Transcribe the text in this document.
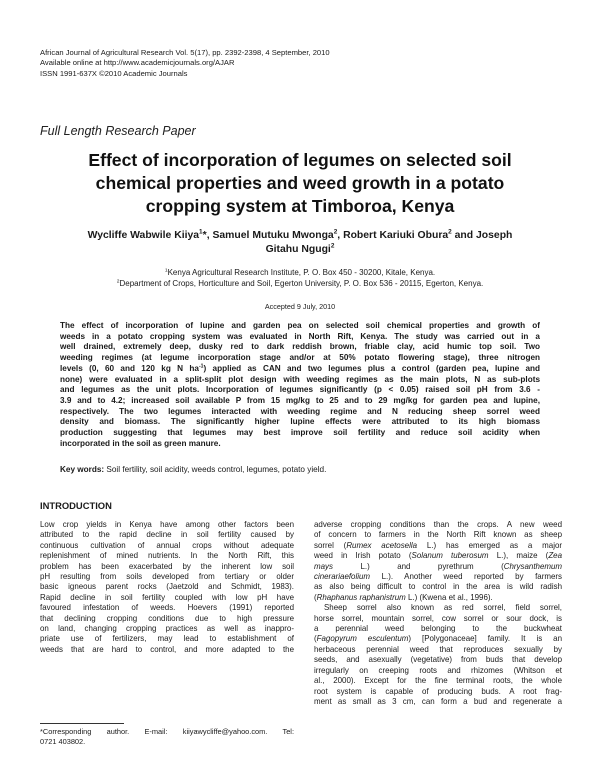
African Journal of Agricultural Research Vol. 5(17), pp. 2392-2398, 4 September, 2010
Available online at http://www.academicjournals.org/AJAR
ISSN 1991-637X ©2010 Academic Journals
Full Length Research Paper
Effect of incorporation of legumes on selected soil
chemical properties and weed growth in a potato
cropping system at Timboroa, Kenya
Wycliffe Wabwile Kiiya$^1$*, Samuel Mutuku Mwonga$^2$, Robert Kariuki Obura$^2$ and Joseph
Gitahu Ngugi$^2$
$^1$Kenya Agricultural Research Institute, P. O. Box 450 - 30200, Kitale, Kenya.
$^2$Department of Crops, Horticulture and Soil, Egerton University, P. O. Box 536 - 20115, Egerton, Kenya.
Accepted 9 July, 2010
The effect of incorporation of lupine and garden pea on selected soil chemical properties and growth of
weeds in a potato cropping system was evaluated in North Rift, Kenya. The study was carried out in a
well drained, extremely deep, dusky red to dark reddish brown, friable clay, acid humic top soil. Two
weeding regimes (at legume incorporation stage and/or at 50% potato flowering stage), three nitrogen
levels (0, 60 and 120 kg N $ha^{-1}$) applied as CAN and two legumes plus a control (garden pea, lupine and
none) were evaluated in a split-split plot design with weeding regimes as the main plots, N as sub-plots
and legumes as the unit plots. Incorporation of legumes significantly (p < 0.05) raised soil pH from 3.6 -
3.9 and to 4.2; increased soil available P from 15 mg/kg to 25 and to 29 mg/kg for garden pea and lupine,
respectively. The two legumes interacted with weeding regime and N reducing sheep sorrel weed
density and biomass. The significantly higher lupine effects were attributed to its high biomass
production suggesting that legumes may best improve soil fertility and reduce soil acidity when
incorporated in the soil as green manure.
Key words: Soil fertility, soil acidity, weeds control, legumes, potato yield.
INTRODUCTION
Low crop yields in Kenya have among other factors been
attributed to the rapid decline in soil fertility caused by
continuous cultivation of annual crops without adequate
replenishment of mined nutrients. In the North Rift, this
problem has been exacerbated by the inherent low soil
pH resulting from soils developed from tertiary or older
basic igneous parent rocks (Jaetzold and Schmidt, 1983).
Rapid decline in soil fertility coupled with low pH have
favoured infestation of weeds. Hoevers (1991) reported
that declining cropping conditions due to high pressure
on land, changing cropping practices as well as inappro-
priate use of fertilizers, may lead to establishment of
weeds that are hard to control, and more adapted to the
adverse cropping conditions than the crops. A new weed
of concern to farmers in the North Rift known as sheep
sorrel (Rumex acetosella L.) has emerged as a major
weed in Irish potato (Solanum tuberosum L.), maize (Zea
mays L.) and pyrethrum (Chrysanthemum
cinerariaefolium L.). Another weed reported by farmers
as also being difficult to control in the area is wild radish
(Rhaphanus raphanistrum L.) (Kwena et al., 1996).
Sheep sorrel also known as red sorrel, field sorrel,
horse sorrel, mountain sorrel, cow sorrel or sour dock, is
a perennial weed belonging to the buckwheat
(Fagopyrum esculentum) [Polygonaceae] family. It is an
herbaceous perennial weed that reproduces sexually by
seeds, and asexually (vegetative) from buds that develop
irregularly on creeping roots and rhizomes (Whitson et
al., 2000). Except for the fine terminal roots, the whole
root system is capable of producing buds. A root frag-
ment as small as 3 cm, can form a bud and regenerate a
*Corresponding author. E-mail: kiiyawycliffe@yahoo.com. Tel:
0721 403802.
